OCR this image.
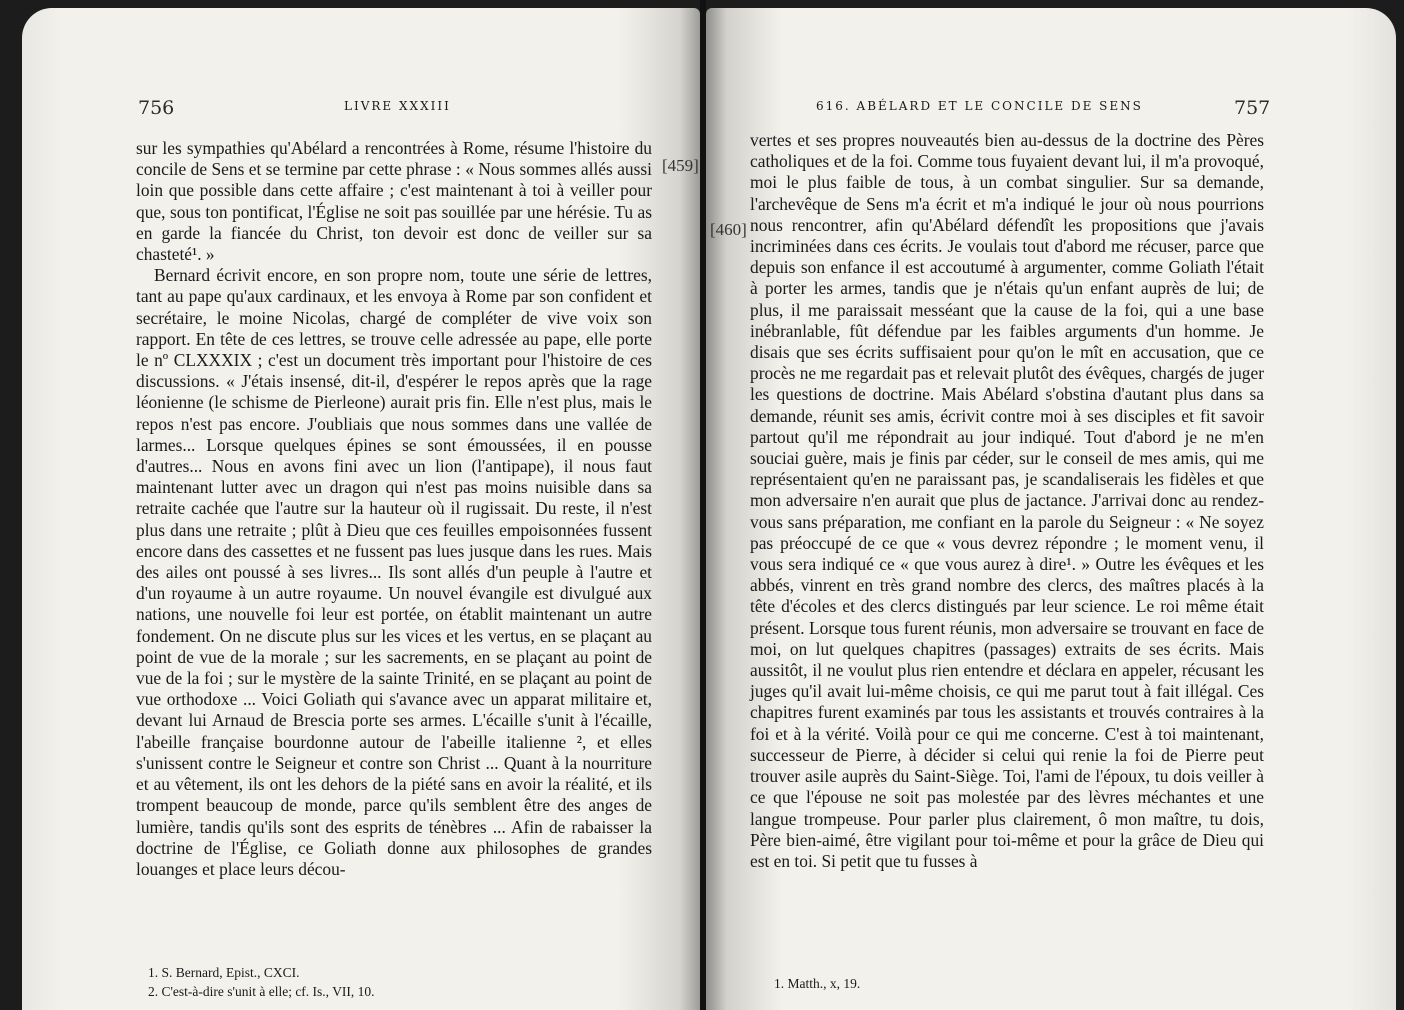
756	LIVRE XXXIII
[459]

sur les sympathies qu'Abélard a rencontrées à Rome, résume l'histoire du concile de Sens et se termine par cette phrase : « Nous sommes allés aussi loin que possible dans cette affaire ; c'est maintenant à toi à veiller pour que, sous ton pontificat, l'Église ne soit pas souillée par une hérésie. Tu as en garde la fiancée du Christ, ton devoir est donc de veiller sur sa chasteté¹. »

Bernard écrivit encore, en son propre nom, toute une série de lettres, tant au pape qu'aux cardinaux, et les envoya à Rome par son confident et secrétaire, le moine Nicolas, chargé de compléter de vive voix son rapport. En tête de ces lettres, se trouve celle adressée au pape, elle porte le nº CLXXXIX ; c'est un document très important pour l'histoire de ces discussions. « J'étais insensé, dit-il, d'espérer le repos après que la rage léonienne (le schisme de Pierleone) aurait pris fin. Elle n'est plus, mais le repos n'est pas encore. J'oubliais que nous sommes dans une vallée de larmes... Lorsque quelques épines se sont émoussées, il en pousse d'autres... Nous en avons fini avec un lion (l'antipape), il nous faut maintenant lutter avec un dragon qui n'est pas moins nuisible dans sa retraite cachée que l'autre sur la hauteur où il rugissait. Du reste, il n'est plus dans une retraite ; plût à Dieu que ces feuilles empoisonnées fussent encore dans des cassettes et ne fussent pas lues jusque dans les rues. Mais des ailes ont poussé à ses livres... Ils sont allés d'un peuple à l'autre et d'un royaume à un autre royaume. Un nouvel évangile est divulgué aux nations, une nouvelle foi leur est portée, on établit maintenant un autre fondement. On ne discute plus sur les vices et les vertus, en se plaçant au point de vue de la morale ; sur les sacrements, en se plaçant au point de vue de la foi ; sur le mystère de la sainte Trinité, en se plaçant au point de vue orthodoxe ... Voici Goliath qui s'avance avec un apparat militaire et, devant lui Arnaud de Brescia porte ses armes. L'écaille s'unit à l'écaille, l'abeille française bourdonne autour de l'abeille italienne ², et elles s'unissent contre le Seigneur et contre son Christ ... Quant à la nourriture et au vêtement, ils ont les dehors de la piété sans en avoir la réalité, et ils trompent beaucoup de monde, parce qu'ils semblent être des anges de lumière, tandis qu'ils sont des esprits de ténèbres ... Afin de rabaisser la doctrine de l'Église, ce Goliath donne aux philosophes de grandes louanges et place leurs décou-

1. S. Bernard, Epist., CXCI.
2. C'est-à-dire s'unit à elle; cf. Is., VII, 10.
616. ABÉLARD ET LE CONCILE DE SENS	757
[460]

vertes et ses propres nouveautés bien au-dessus de la doctrine des Pères catholiques et de la foi. Comme tous fuyaient devant lui, il m'a provoqué, moi le plus faible de tous, à un combat singulier. Sur sa demande, l'archevêque de Sens m'a écrit et m'a indiqué le jour où nous pourrions nous rencontrer, afin qu'Abélard défendît les propositions que j'avais incriminées dans ces écrits. Je voulais tout d'abord me récuser, parce que depuis son enfance il est accoutumé à argumenter, comme Goliath l'était à porter les armes, tandis que je n'étais qu'un enfant auprès de lui; de plus, il me paraissait messéant que la cause de la foi, qui a une base inébranlable, fût défendue par les faibles arguments d'un homme. Je disais que ses écrits suffisaient pour qu'on le mît en accusation, que ce procès ne me regardait pas et relevait plutôt des évêques, chargés de juger les questions de doctrine. Mais Abélard s'obstina d'autant plus dans sa demande, réunit ses amis, écrivit contre moi à ses disciples et fit savoir partout qu'il me répondrait au jour indiqué. Tout d'abord je ne m'en souciai guère, mais je finis par céder, sur le conseil de mes amis, qui me représentaient qu'en ne paraissant pas, je scandaliserais les fidèles et que mon adversaire n'en aurait que plus de jactance. J'arrivai donc au rendez-vous sans préparation, me confiant en la parole du Seigneur : « Ne soyez pas préoccupé de ce que « vous devrez répondre ; le moment venu, il vous sera indiqué ce « que vous aurez à dire¹. » Outre les évêques et les abbés, vinrent en très grand nombre des clercs, des maîtres placés à la tête d'écoles et des clercs distingués par leur science. Le roi même était présent. Lorsque tous furent réunis, mon adversaire se trouvant en face de moi, on lut quelques chapitres (passages) extraits de ses écrits. Mais aussitôt, il ne voulut plus rien entendre et déclara en appeler, récusant les juges qu'il avait lui-même choisis, ce qui me parut tout à fait illégal. Ces chapitres furent examinés par tous les assistants et trouvés contraires à la foi et à la vérité. Voilà pour ce qui me concerne. C'est à toi maintenant, successeur de Pierre, à décider si celui qui renie la foi de Pierre peut trouver asile auprès du Saint-Siège. Toi, l'ami de l'époux, tu dois veiller à ce que l'épouse ne soit pas molestée par des lèvres méchantes et une langue trompeuse. Pour parler plus clairement, ô mon maître, tu dois, Père bien-aimé, être vigilant pour toi-même et pour la grâce de Dieu qui est en toi. Si petit que tu fusses à

1. Matth., x, 19.
